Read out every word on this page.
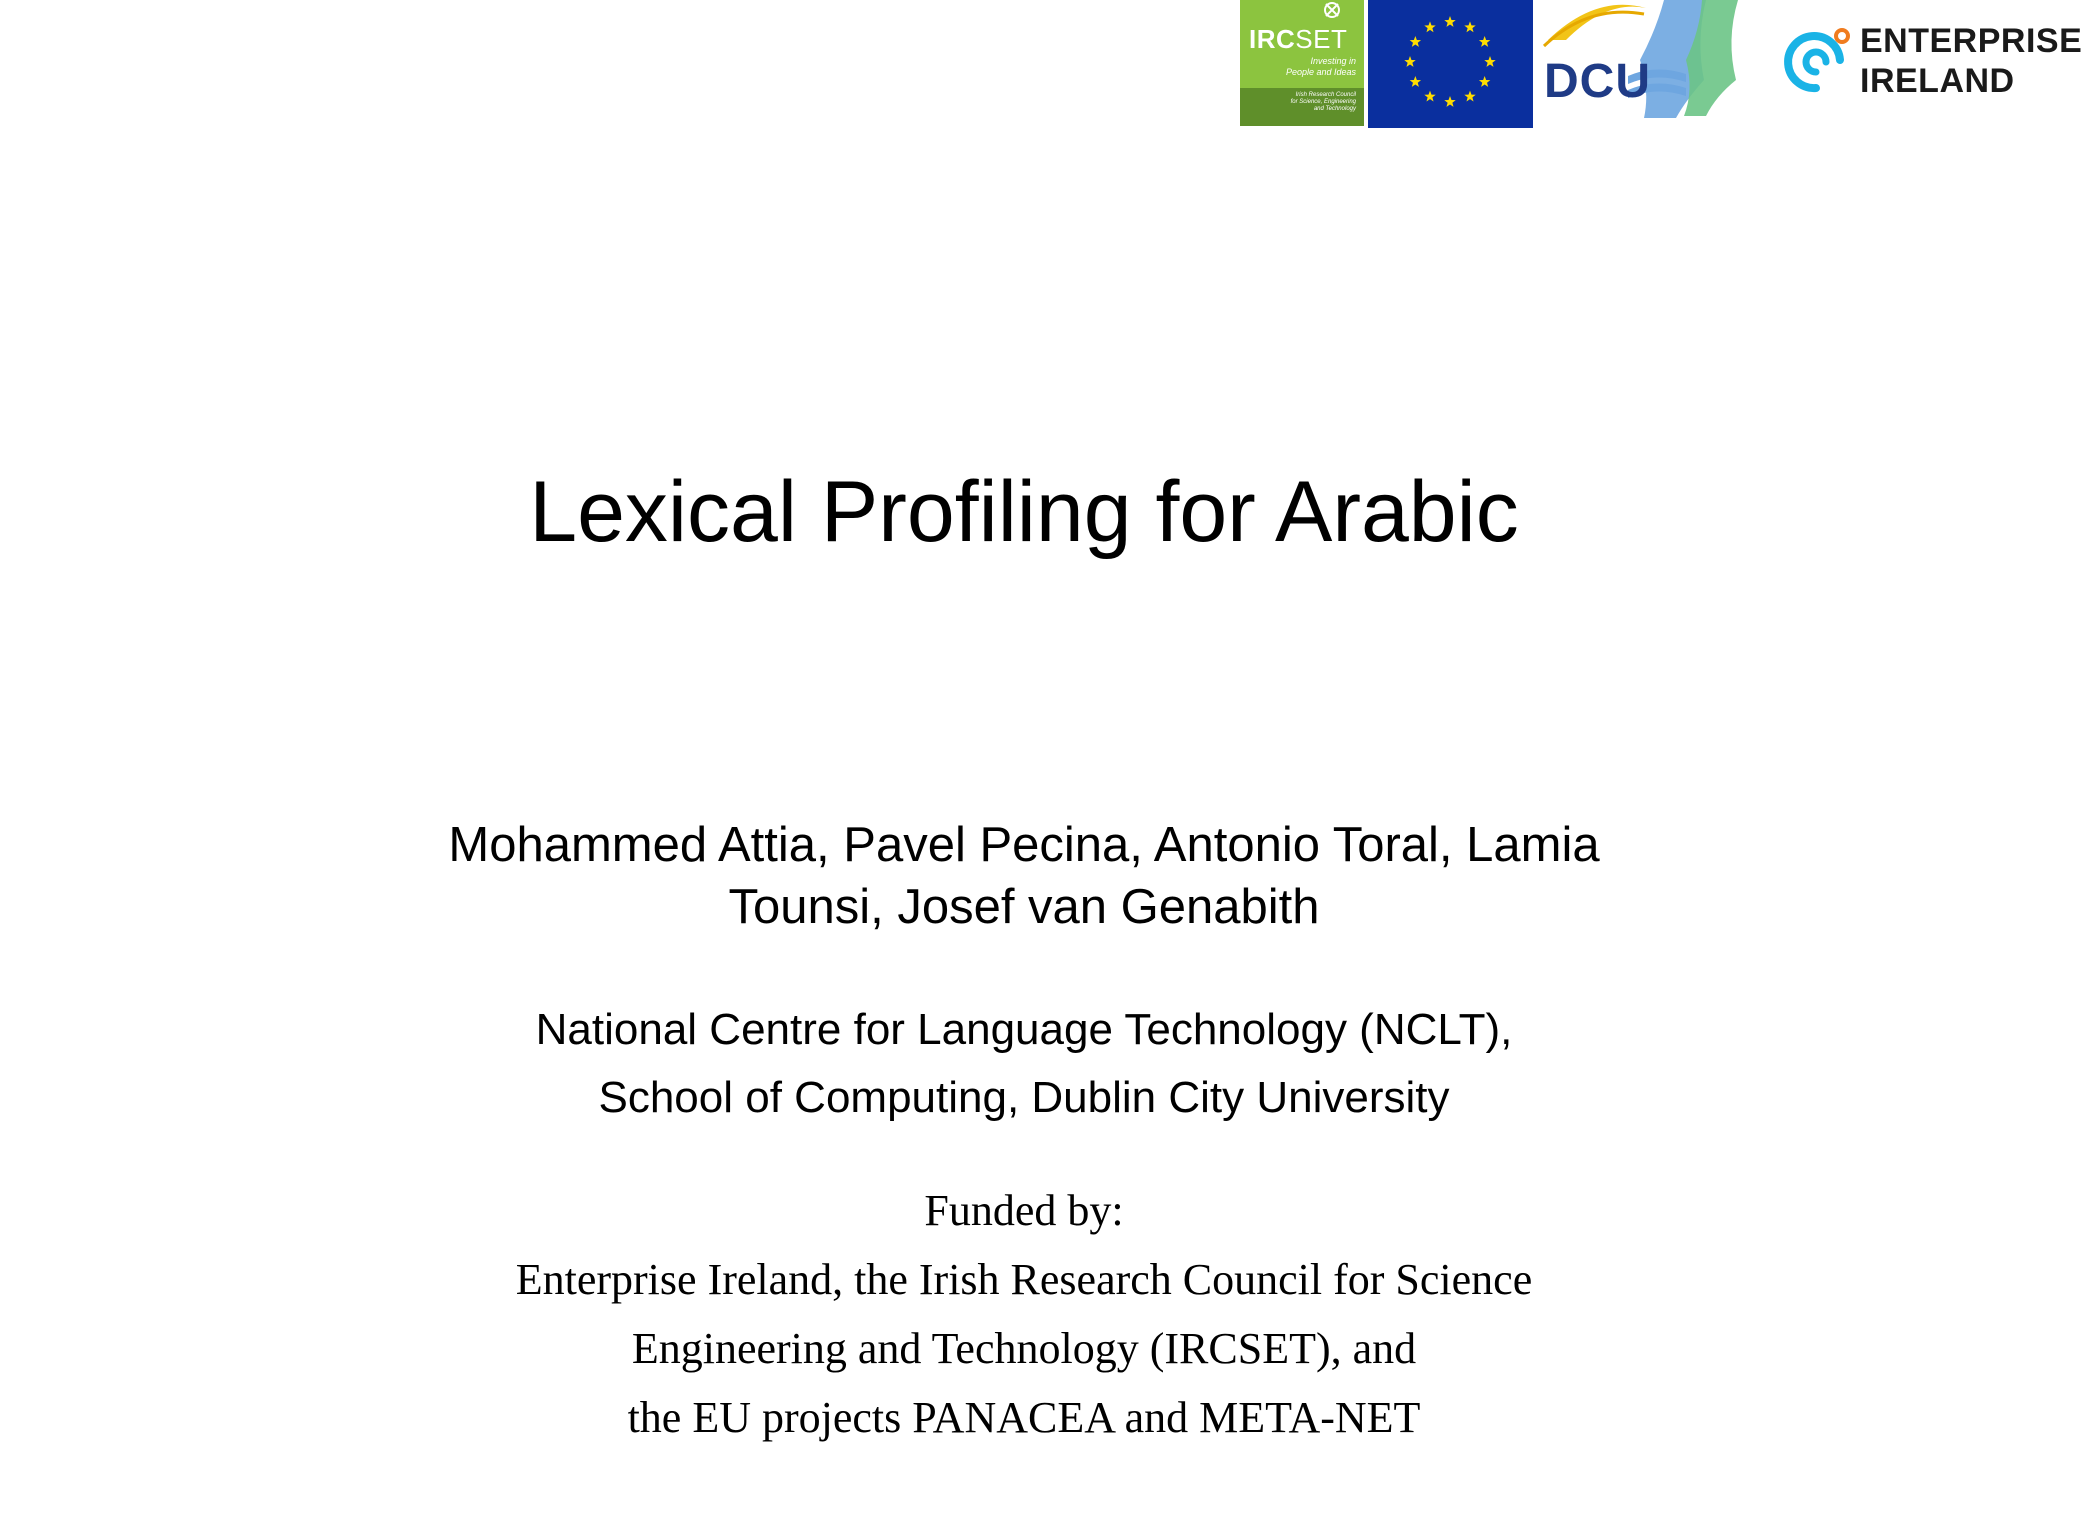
IRCSET
Investing in
People and Ideas
Irish Research Council
for Science, Engineering
and Technology
DCU
ENTERPRISE
IRELAND
Lexical Profiling for Arabic
Mohammed Attia, Pavel Pecina, Antonio Toral, Lamia Tounsi, Josef van Genabith
National Centre for Language Technology (NCLT),
School of Computing, Dublin City University
Funded by:
Enterprise Ireland, the Irish Research Council for Science
Engineering and Technology (IRCSET), and
the EU projects PANACEA and META-NET
